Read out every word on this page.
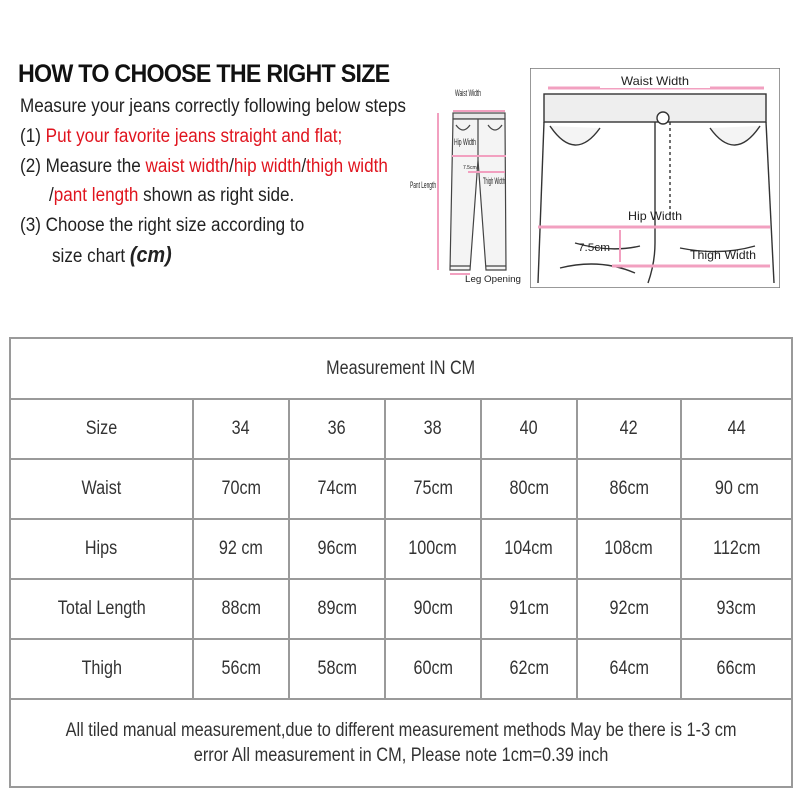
HOW TO CHOOSE THE RIGHT SIZE
Measure your jeans correctly following below steps
(1) Put your favorite jeans straight and flat;
(2) Measure the waist width/hip width/thigh width
/pant length shown as right side.
(3) Choose the right size according to
size chart (cm)
Waist Width
Hip Width
7.5cm
Thigh Width
Pant Length
Leg Opening
Waist Width
Hip Width
7.5cm	Thigh Width
Measurement IN CM						
Size	34	36	38	40	42	44
Waist	70cm	74cm	75cm	80cm	86cm	90 cm
Hips	92 cm	96cm	100cm	104cm	108cm	112cm
Total Length	88cm	89cm	90cm	91cm	92cm	93cm
Thigh	56cm	58cm	60cm	62cm	64cm	66cm
All tiled manual measurement,due to different measurement methods May be there is 1-3 cm error All measurement in CM, Please note 1cm=0.39 inch						
